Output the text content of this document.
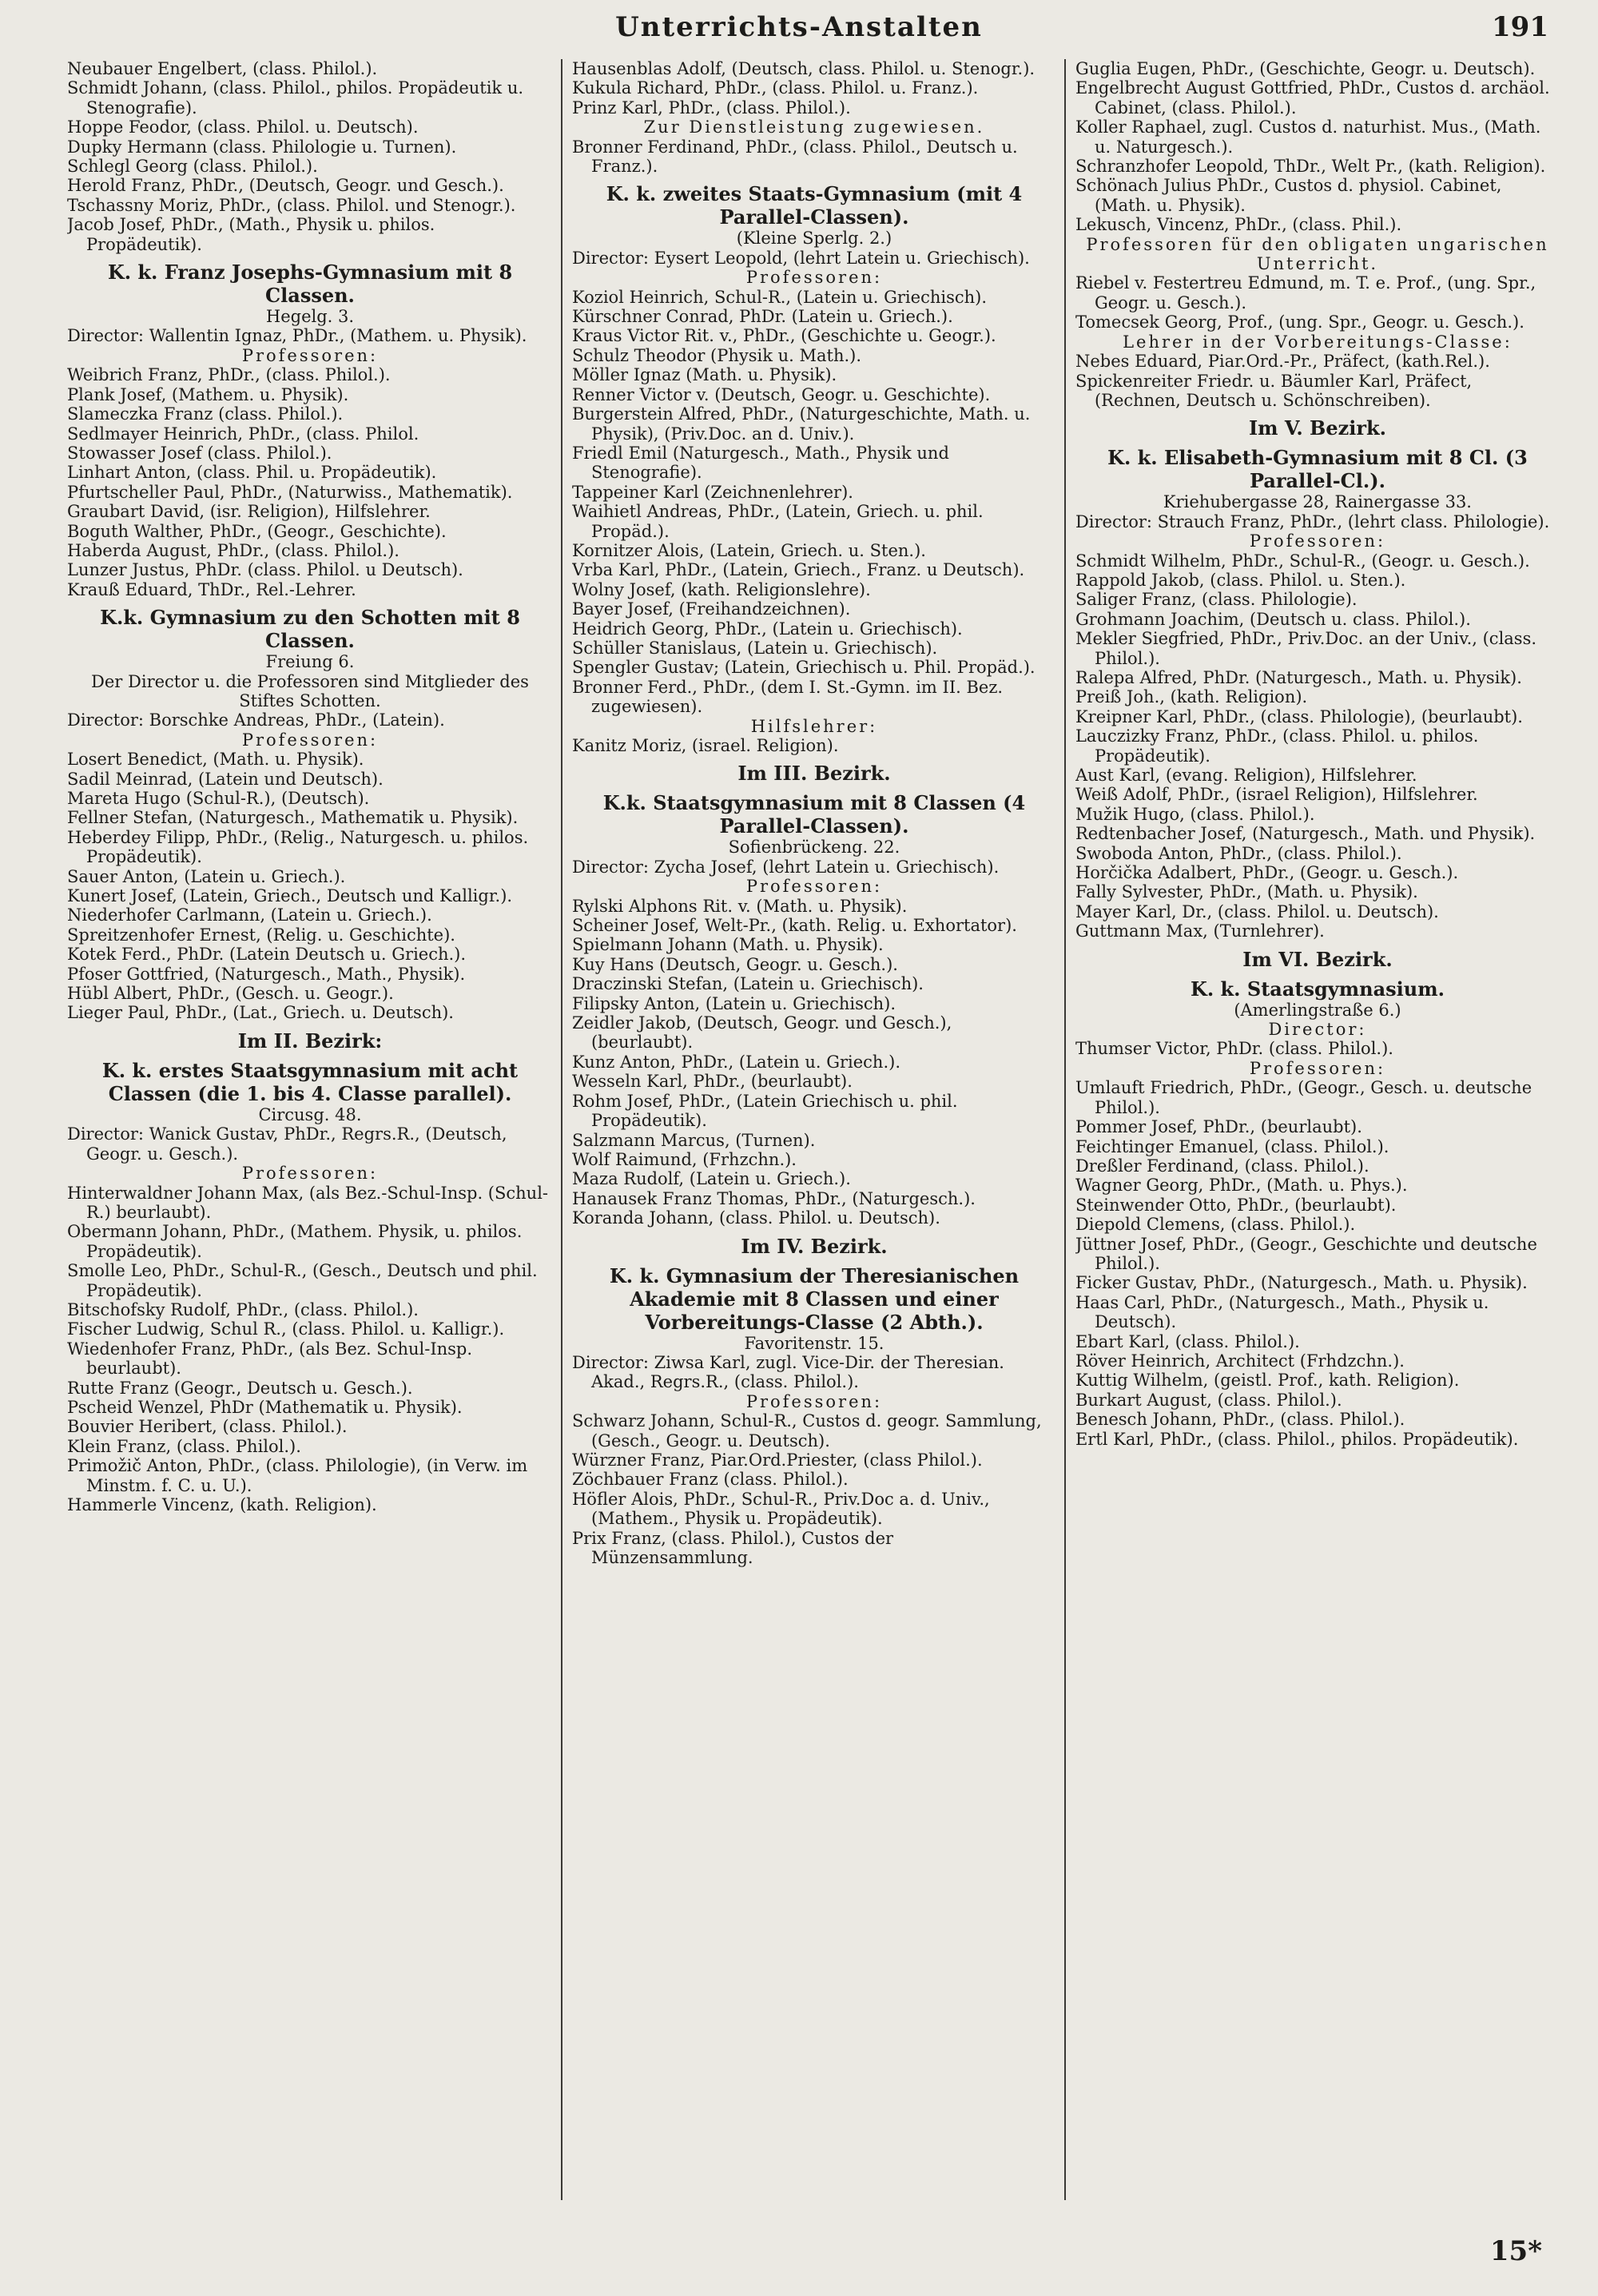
Unterrichts-Anstalten	191
Neubauer Engelbert, (class. Philol.).
Schmidt Johann, (class. Philol., philos. Propädeutik u. Stenografie).
Hoppe Feodor, (class. Philol. u. Deutsch).
Dupky Hermann (class. Philologie u. Turnen).
Schlegl Georg (class. Philol.).
Herold Franz, PhDr., (Deutsch, Geogr. und Gesch.).
Tschassny Moriz, PhDr., (class. Philol. und Stenogr.).
Jacob Josef, PhDr., (Math., Physik u. philos. Propädeutik).
K. k. Franz Josephs-Gymnasium mit 8 Classen.
Hegelg. 3.
Director: Wallentin Ignaz, PhDr., (Mathem. u. Physik).
Professoren:
Weibrich Franz, PhDr., (class. Philol.).
Plank Josef, (Mathem. u. Physik).
Slameczka Franz (class. Philol.).
Sedlmayer Heinrich, PhDr., (class. Philol.
Stowasser Josef (class. Philol.).
Linhart Anton, (class. Phil. u. Propädeutik).
Pfurtscheller Paul, PhDr., (Naturwiss., Mathematik).
Graubart David, (isr. Religion), Hilfslehrer.
Boguth Walther, PhDr., (Geogr., Geschichte).
Haberda August, PhDr., (class. Philol.).
Lunzer Justus, PhDr. (class. Philol. u Deutsch).
Krauß Eduard, ThDr., Rel.-Lehrer.
K.k. Gymnasium zu den Schotten mit 8 Classen.
Freiung 6.
Der Director u. die Professoren sind Mitglieder des Stiftes Schotten.
Director: Borschke Andreas, PhDr., (Latein).
Professoren:
Losert Benedict, (Math. u. Physik).
Sadil Meinrad, (Latein und Deutsch).
Mareta Hugo (Schul-R.), (Deutsch).
Fellner Stefan, (Naturgesch., Mathematik u. Physik).
Heberdey Filipp, PhDr., (Relig., Naturgesch. u. philos. Propädeutik).
Sauer Anton, (Latein u. Griech.).
Kunert Josef, (Latein, Griech., Deutsch und Kalligr.).
Niederhofer Carlmann, (Latein u. Griech.).
Spreitzenhofer Ernest, (Relig. u. Geschichte).
Kotek Ferd., PhDr. (Latein Deutsch u. Griech.).
Pfoser Gottfried, (Naturgesch., Math., Physik).
Hübl Albert, PhDr., (Gesch. u. Geogr.).
Lieger Paul, PhDr., (Lat., Griech. u. Deutsch).
Im II. Bezirk:
K. k. erstes Staatsgymnasium mit acht Classen (die 1. bis 4. Classe parallel).
Circusg. 48.
Director: Wanick Gustav, PhDr., Regrs.R., (Deutsch, Geogr. u. Gesch.).
Professoren:
Hinterwaldner Johann Max, (als Bez.-Schul-Insp. (Schul-R.) beurlaubt).
Obermann Johann, PhDr., (Mathem. Physik, u. philos. Propädeutik).
Smolle Leo, PhDr., Schul-R., (Gesch., Deutsch und phil. Propädeutik).
Bitschofsky Rudolf, PhDr., (class. Philol.).
Fischer Ludwig, Schul R., (class. Philol. u. Kalligr.).
Wiedenhofer Franz, PhDr., (als Bez. Schul-Insp. beurlaubt).
Rutte Franz (Geogr., Deutsch u. Gesch.).
Pscheid Wenzel, PhDr (Mathematik u. Physik).
Bouvier Heribert, (class. Philol.).
Klein Franz, (class. Philol.).
Primožič Anton, PhDr., (class. Philologie), (in Verw. im Minstm. f. C. u. U.).
Hammerle Vincenz, (kath. Religion).
Hausenblas Adolf, (Deutsch, class. Philol. u. Stenogr.).
Kukula Richard, PhDr., (class. Philol. u. Franz.).
Prinz Karl, PhDr., (class. Philol.).
Zur Dienstleistung zugewiesen.
Bronner Ferdinand, PhDr., (class. Philol., Deutsch u. Franz.).
K. k. zweites Staats-Gymnasium (mit 4 Parallel-Classen).
(Kleine Sperlg. 2.)
Director: Eysert Leopold, (lehrt Latein u. Griechisch).
Professoren:
Koziol Heinrich, Schul-R., (Latein u. Griechisch).
Kürschner Conrad, PhDr. (Latein u. Griech.).
Kraus Victor Rit. v., PhDr., (Geschichte u. Geogr.).
Schulz Theodor (Physik u. Math.).
Möller Ignaz (Math. u. Physik).
Renner Victor v. (Deutsch, Geogr. u. Geschichte).
Burgerstein Alfred, PhDr., (Naturgeschichte, Math. u. Physik), (Priv.Doc. an d. Univ.).
Friedl Emil (Naturgesch., Math., Physik und Stenografie).
Tappeiner Karl (Zeichnenlehrer).
Waihietl Andreas, PhDr., (Latein, Griech. u. phil. Propäd.).
Kornitzer Alois, (Latein, Griech. u. Sten.).
Vrba Karl, PhDr., (Latein, Griech., Franz. u Deutsch).
Wolny Josef, (kath. Religionslehre).
Bayer Josef, (Freihandzeichnen).
Heidrich Georg, PhDr., (Latein u. Griechisch).
Schüller Stanislaus, (Latein u. Griechisch).
Spengler Gustav; (Latein, Griechisch u. Phil. Propäd.).
Bronner Ferd., PhDr., (dem I. St.-Gymn. im II. Bez. zugewiesen).
Hilfslehrer:
Kanitz Moriz, (israel. Religion).
Im III. Bezirk.
K.k. Staatsgymnasium mit 8 Classen (4 Parallel-Classen).
Sofienbrückeng. 22.
Director: Zycha Josef, (lehrt Latein u. Griechisch).
Professoren:
Rylski Alphons Rit. v. (Math. u. Physik).
Scheiner Josef, Welt-Pr., (kath. Relig. u. Exhortator).
Spielmann Johann (Math. u. Physik).
Kuy Hans (Deutsch, Geogr. u. Gesch.).
Draczinski Stefan, (Latein u. Griechisch).
Filipsky Anton, (Latein u. Griechisch).
Zeidler Jakob, (Deutsch, Geogr. und Gesch.), (beurlaubt).
Kunz Anton, PhDr., (Latein u. Griech.).
Wesseln Karl, PhDr., (beurlaubt).
Rohm Josef, PhDr., (Latein Griechisch u. phil. Propädeutik).
Salzmann Marcus, (Turnen).
Wolf Raimund, (Frhzchn.).
Maza Rudolf, (Latein u. Griech.).
Hanausek Franz Thomas, PhDr., (Naturgesch.).
Koranda Johann, (class. Philol. u. Deutsch).
Im IV. Bezirk.
K. k. Gymnasium der Theresianischen Akademie mit 8 Classen und einer Vorbereitungs-Classe (2 Abth.).
Favoritenstr. 15.
Director: Ziwsa Karl, zugl. Vice-Dir. der Theresian. Akad., Regrs.R., (class. Philol.).
Professoren:
Schwarz Johann, Schul-R., Custos d. geogr. Sammlung, (Gesch., Geogr. u. Deutsch).
Würzner Franz, Piar.Ord.Priester, (class Philol.).
Zöchbauer Franz (class. Philol.).
Höfler Alois, PhDr., Schul-R., Priv.Doc a. d. Univ., (Mathem., Physik u. Propädeutik).
Prix Franz, (class. Philol.), Custos der Münzensammlung.
Guglia Eugen, PhDr., (Geschichte, Geogr. u. Deutsch).
Engelbrecht August Gottfried, PhDr., Custos d. archäol. Cabinet, (class. Philol.).
Koller Raphael, zugl. Custos d. naturhist. Mus., (Math. u. Naturgesch.).
Schranzhofer Leopold, ThDr., Welt Pr., (kath. Religion).
Schönach Julius PhDr., Custos d. physiol. Cabinet, (Math. u. Physik).
Lekusch, Vincenz, PhDr., (class. Phil.).
Professoren für den obligaten ungarischen Unterricht.
Riebel v. Festertreu Edmund, m. T. e. Prof., (ung. Spr., Geogr. u. Gesch.).
Tomecsek Georg, Prof., (ung. Spr., Geogr. u. Gesch.).
Lehrer in der Vorbereitungs-Classe:
Nebes Eduard, Piar.Ord.-Pr., Präfect, (kath.Rel.).
Spickenreiter Friedr. u. Bäumler Karl, Präfect, (Rechnen, Deutsch u. Schönschreiben).
Im V. Bezirk.
K. k. Elisabeth-Gymnasium mit 8 Cl. (3 Parallel-Cl.).
Kriehubergasse 28, Rainergasse 33.
Director: Strauch Franz, PhDr., (lehrt class. Philologie).
Professoren:
Schmidt Wilhelm, PhDr., Schul-R., (Geogr. u. Gesch.).
Rappold Jakob, (class. Philol. u. Sten.).
Saliger Franz, (class. Philologie).
Grohmann Joachim, (Deutsch u. class. Philol.).
Mekler Siegfried, PhDr., Priv.Doc. an der Univ., (class. Philol.).
Ralepa Alfred, PhDr. (Naturgesch., Math. u. Physik).
Preiß Joh., (kath. Religion).
Kreipner Karl, PhDr., (class. Philologie), (beurlaubt).
Lauczizky Franz, PhDr., (class. Philol. u. philos. Propädeutik).
Aust Karl, (evang. Religion), Hilfslehrer.
Weiß Adolf, PhDr., (israel Religion), Hilfslehrer.
Mužik Hugo, (class. Philol.).
Redtenbacher Josef, (Naturgesch., Math. und Physik).
Swoboda Anton, PhDr., (class. Philol.).
Horčička Adalbert, PhDr., (Geogr. u. Gesch.).
Fally Sylvester, PhDr., (Math. u. Physik).
Mayer Karl, Dr., (class. Philol. u. Deutsch).
Guttmann Max, (Turnlehrer).
Im VI. Bezirk.
K. k. Staatsgymnasium.
(Amerlingstraße 6.)
Director:
Thumser Victor, PhDr. (class. Philol.).
Professoren:
Umlauft Friedrich, PhDr., (Geogr., Gesch. u. deutsche Philol.).
Pommer Josef, PhDr., (beurlaubt).
Feichtinger Emanuel, (class. Philol.).
Dreßler Ferdinand, (class. Philol.).
Wagner Georg, PhDr., (Math. u. Phys.).
Steinwender Otto, PhDr., (beurlaubt).
Diepold Clemens, (class. Philol.).
Jüttner Josef, PhDr., (Geogr., Geschichte und deutsche Philol.).
Ficker Gustav, PhDr., (Naturgesch., Math. u. Physik).
Haas Carl, PhDr., (Naturgesch., Math., Physik u. Deutsch).
Ebart Karl, (class. Philol.).
Röver Heinrich, Architect (Frhdzchn.).
Kuttig Wilhelm, (geistl. Prof., kath. Religion).
Burkart August, (class. Philol.).
Benesch Johann, PhDr., (class. Philol.).
Ertl Karl, PhDr., (class. Philol., philos. Propädeutik).
15*
